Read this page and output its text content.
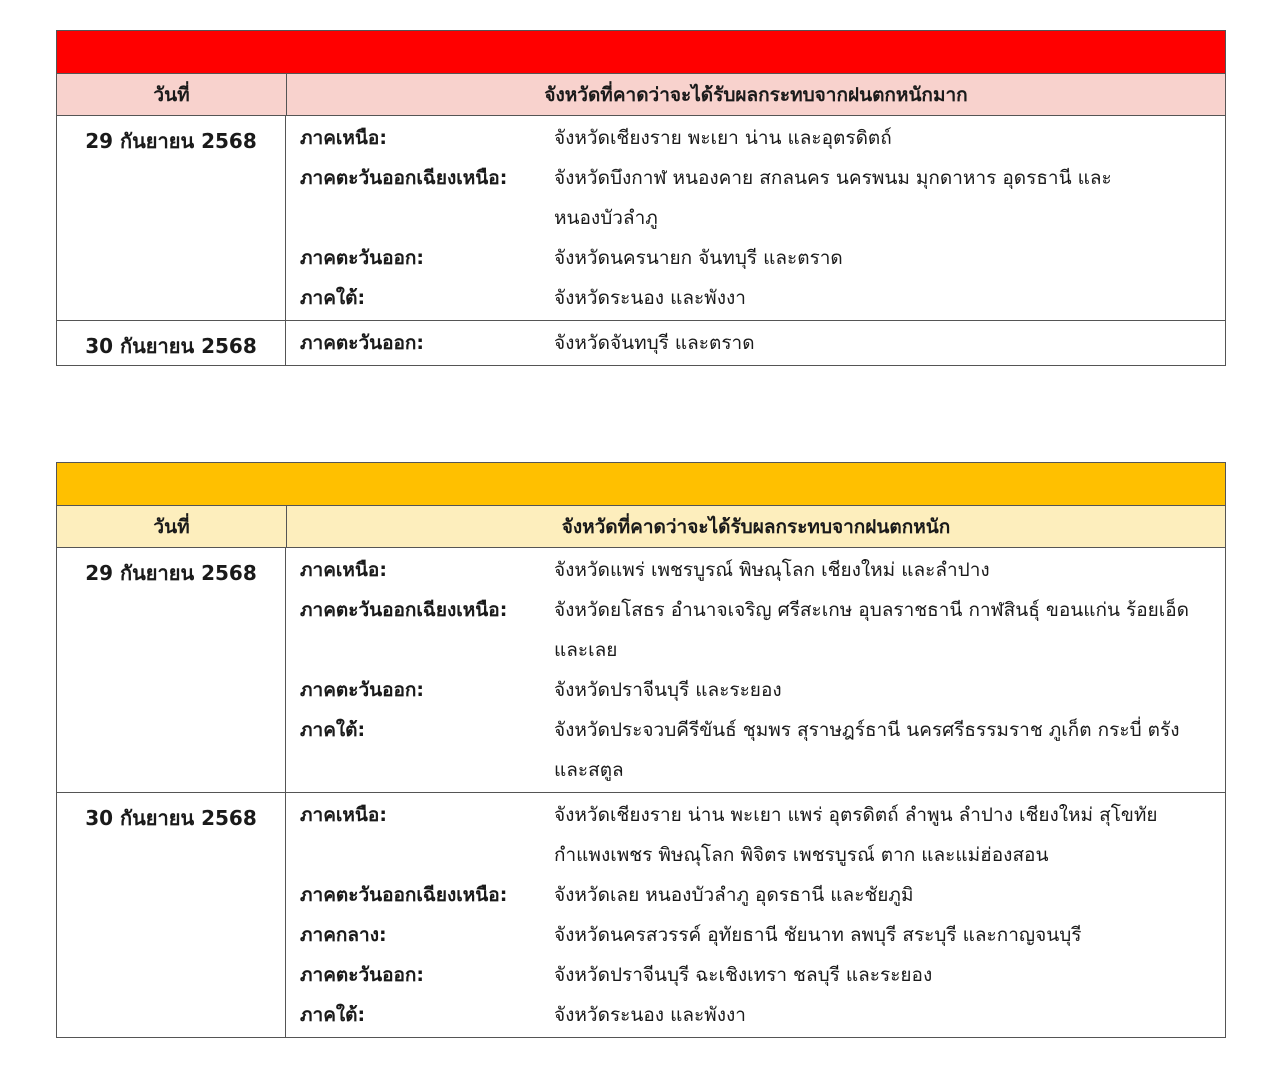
วันที่	จังหวัดที่คาดว่าจะได้รับผลกระทบจากฝนตกหนักมาก
29 กันยายน 2568	ภาคเหนือ:	จังหวัดเชียงราย พะเยา น่าน และอุตรดิตถ์
ภาคตะวันออกเฉียงเหนือ:	จังหวัดบึงกาฬ หนองคาย สกลนคร นครพนม มุกดาหาร อุดรธานี และหนองบัวลำภู
ภาคตะวันออก:	จังหวัดนครนายก จันทบุรี และตราด
ภาคใต้:	จังหวัดระนอง และพังงา
30 กันยายน 2568	ภาคตะวันออก:	จังหวัดจันทบุรี และตราด
วันที่	จังหวัดที่คาดว่าจะได้รับผลกระทบจากฝนตกหนัก
29 กันยายน 2568	ภาคเหนือ:	จังหวัดแพร่ เพชรบูรณ์ พิษณุโลก เชียงใหม่ และลำปาง
ภาคตะวันออกเฉียงเหนือ:	จังหวัดยโสธร อำนาจเจริญ ศรีสะเกษ อุบลราชธานี กาฬสินธุ์ ขอนแก่น ร้อยเอ็ด และเลย
ภาคตะวันออก:	จังหวัดปราจีนบุรี และระยอง
ภาคใต้:	จังหวัดประจวบคีรีขันธ์ ชุมพร สุราษฎร์ธานี นครศรีธรรมราช ภูเก็ต กระบี่ ตรัง และสตูล
30 กันยายน 2568	ภาคเหนือ:	จังหวัดเชียงราย น่าน พะเยา แพร่ อุตรดิตถ์ ลำพูน ลำปาง เชียงใหม่ สุโขทัย กำแพงเพชร พิษณุโลก พิจิตร เพชรบูรณ์ ตาก และแม่ฮ่องสอน
ภาคตะวันออกเฉียงเหนือ:	จังหวัดเลย หนองบัวลำภู อุดรธานี และชัยภูมิ
ภาคกลาง:	จังหวัดนครสวรรค์ อุทัยธานี ชัยนาท ลพบุรี สระบุรี และกาญจนบุรี
ภาคตะวันออก:	จังหวัดปราจีนบุรี ฉะเชิงเทรา ชลบุรี และระยอง
ภาคใต้:	จังหวัดระนอง และพังงา
